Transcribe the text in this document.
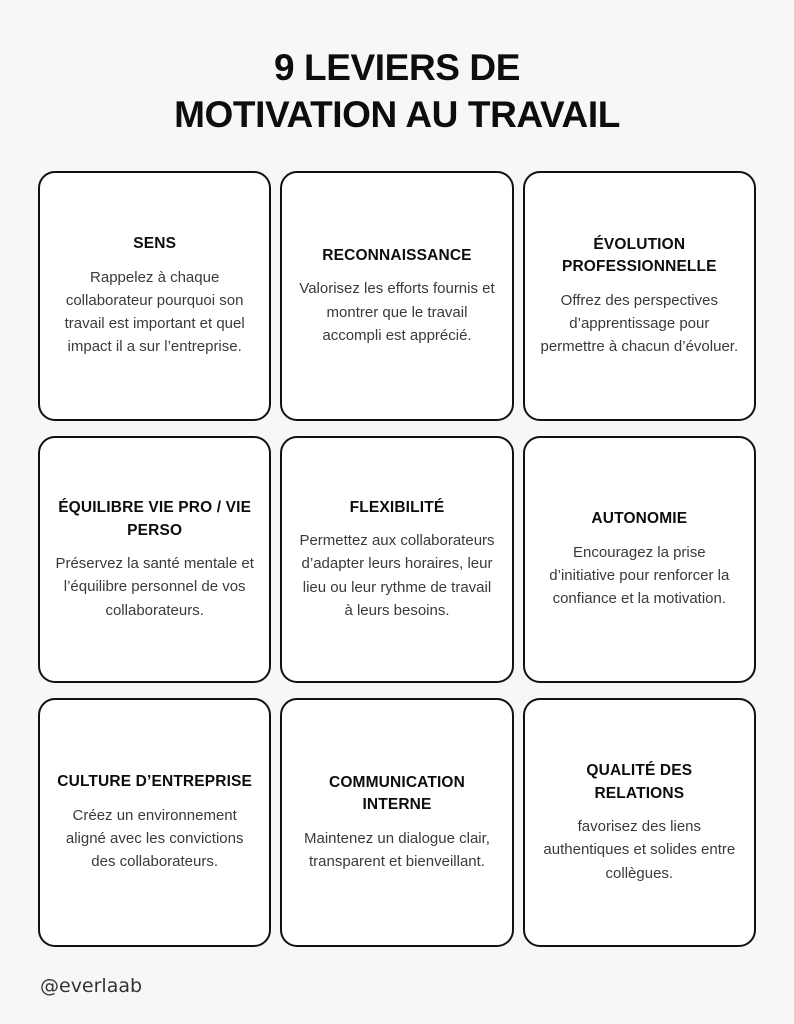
9 LEVIERS DE
MOTIVATION AU TRAVAIL
SENS

Rappelez à chaque collaborateur pourquoi son travail est important et quel impact il a sur l’entreprise.

RECONNAISSANCE

Valorisez les efforts fournis et montrer que le travail accompli est apprécié.

ÉVOLUTION PROFESSIONNELLE

Offrez des perspectives d’apprentissage pour permettre à chacun d’évoluer.

ÉQUILIBRE VIE PRO / VIE PERSO

Préservez la santé mentale et l’équilibre personnel de vos collaborateurs.

FLEXIBILITÉ

Permettez aux collaborateurs d’adapter leurs horaires, leur lieu ou leur rythme de travail à leurs besoins.

AUTONOMIE

Encouragez la prise d’initiative pour renforcer la confiance et la motivation.

CULTURE D’ENTREPRISE

Créez un environnement aligné avec les convictions des collaborateurs.

COMMUNICATION INTERNE

Maintenez un dialogue clair, transparent et bienveillant.

QUALITÉ DES RELATIONS

favorisez des liens authentiques et solides entre collègues.

@everlaab
